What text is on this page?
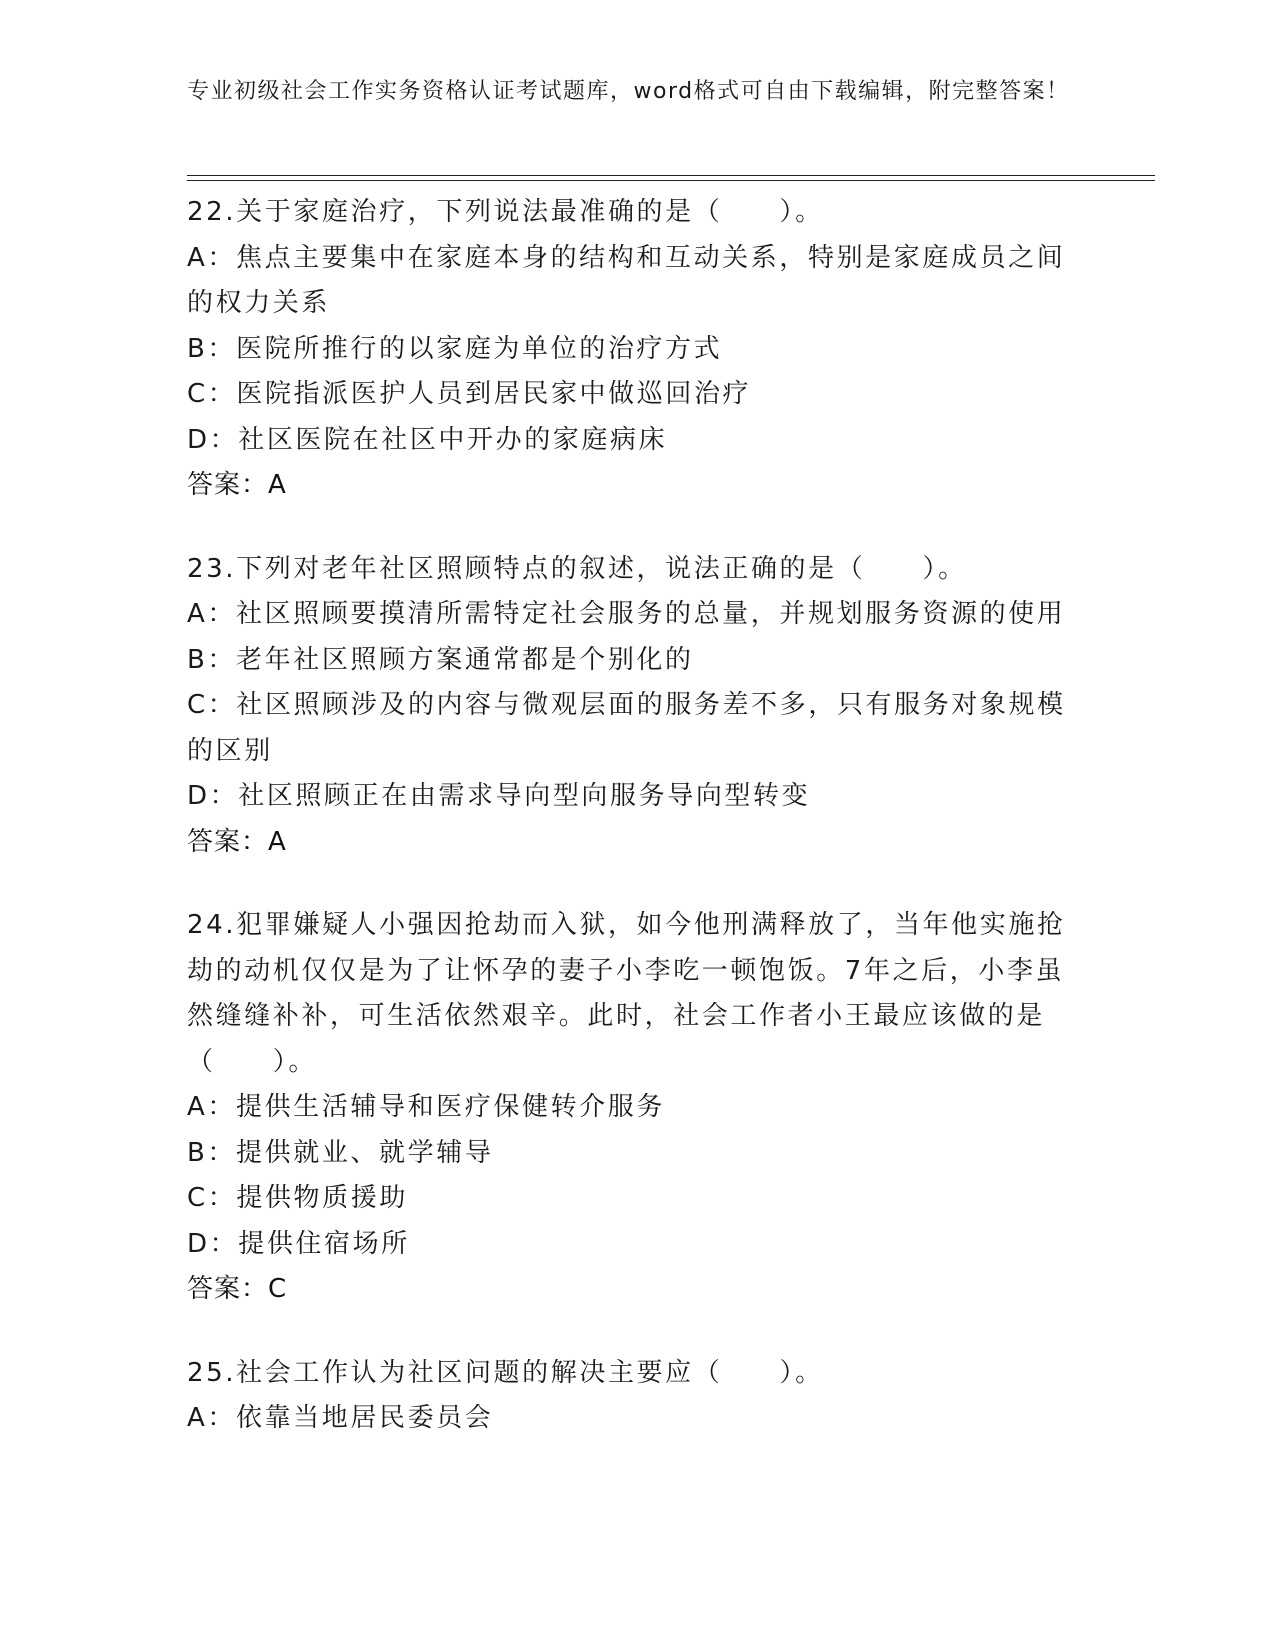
专业初级社会工作实务资格认证考试题库，word格式可自由下载编辑，附完整答案！

22.关于家庭治疗，下列说法最准确的是（　　）。

A：焦点主要集中在家庭本身的结构和互动关系，特别是家庭成员之间的权力关系

B：医院所推行的以家庭为单位的治疗方式

C：医院指派医护人员到居民家中做巡回治疗

D：社区医院在社区中开办的家庭病床

答案：A

23.下列对老年社区照顾特点的叙述，说法正确的是（　　）。

A：社区照顾要摸清所需特定社会服务的总量，并规划服务资源的使用

B：老年社区照顾方案通常都是个别化的

C：社区照顾涉及的内容与微观层面的服务差不多，只有服务对象规模的区别

D：社区照顾正在由需求导向型向服务导向型转变

答案：A

24.犯罪嫌疑人小强因抢劫而入狱，如今他刑满释放了，当年他实施抢劫的动机仅仅是为了让怀孕的妻子小李吃一顿饱饭。7年之后，小李虽然缝缝补补，可生活依然艰辛。此时，社会工作者小王最应该做的是（　　）。

A：提供生活辅导和医疗保健转介服务

B：提供就业、就学辅导

C：提供物质援助

D：提供住宿场所

答案：C

25.社会工作认为社区问题的解决主要应（　　）。

A：依靠当地居民委员会
